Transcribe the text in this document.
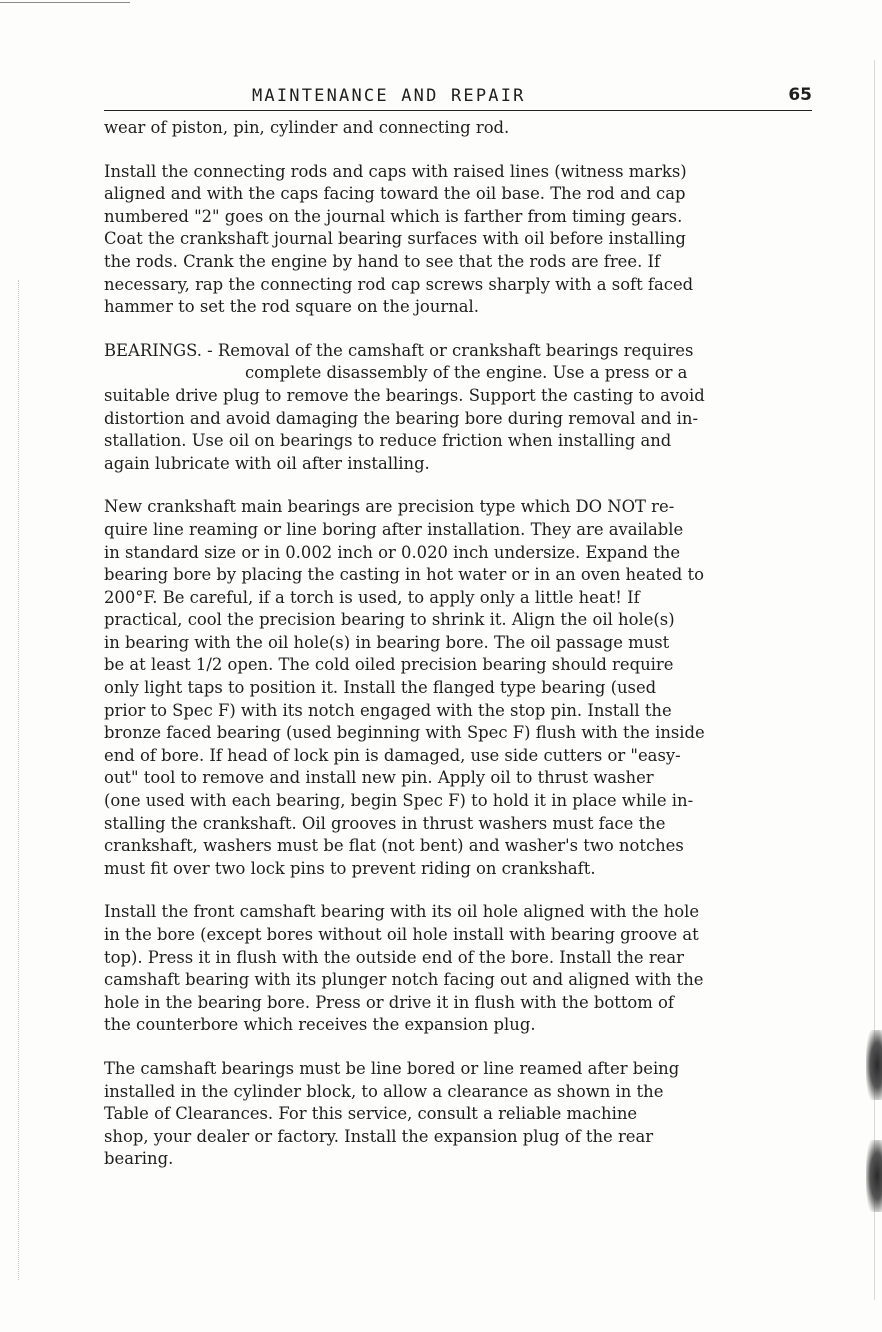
MAINTENANCE AND REPAIR	65
wear of piston, pin, cylinder and connecting rod.
Install the connecting rods and caps with raised lines (witness marks)
aligned and with the caps facing toward the oil base. The rod and cap
numbered "2" goes on the journal which is farther from timing gears.
Coat the crankshaft journal bearing surfaces with oil before installing
the rods. Crank the engine by hand to see that the rods are free. If
necessary, rap the connecting rod cap screws sharply with a soft faced
hammer to set the rod square on the journal.
BEARINGS. - Removal of the camshaft or crankshaft bearings requires
complete disassembly of the engine. Use a press or a
suitable drive plug to remove the bearings. Support the casting to avoid
distortion and avoid damaging the bearing bore during removal and in-
stallation. Use oil on bearings to reduce friction when installing and
again lubricate with oil after installing.
New crankshaft main bearings are precision type which DO NOT re-
quire line reaming or line boring after installation. They are available
in standard size or in 0.002 inch or 0.020 inch undersize. Expand the
bearing bore by placing the casting in hot water or in an oven heated to
200°F. Be careful, if a torch is used, to apply only a little heat! If
practical, cool the precision bearing to shrink it. Align the oil hole(s)
in bearing with the oil hole(s) in bearing bore. The oil passage must
be at least 1/2 open. The cold oiled precision bearing should require
only light taps to position it. Install the flanged type bearing (used
prior to Spec F) with its notch engaged with the stop pin. Install the
bronze faced bearing (used beginning with Spec F) flush with the inside
end of bore. If head of lock pin is damaged, use side cutters or "easy-
out" tool to remove and install new pin. Apply oil to thrust washer
(one used with each bearing, begin Spec F) to hold it in place while in-
stalling the crankshaft. Oil grooves in thrust washers must face the
crankshaft, washers must be flat (not bent) and washer's two notches
must fit over two lock pins to prevent riding on crankshaft.
Install the front camshaft bearing with its oil hole aligned with the hole
in the bore (except bores without oil hole install with bearing groove at
top). Press it in flush with the outside end of the bore. Install the rear
camshaft bearing with its plunger notch facing out and aligned with the
hole in the bearing bore. Press or drive it in flush with the bottom of
the counterbore which receives the expansion plug.
The camshaft bearings must be line bored or line reamed after being
installed in the cylinder block, to allow a clearance as shown in the
Table of Clearances. For this service, consult a reliable machine
shop, your dealer or factory. Install the expansion plug of the rear
bearing.
